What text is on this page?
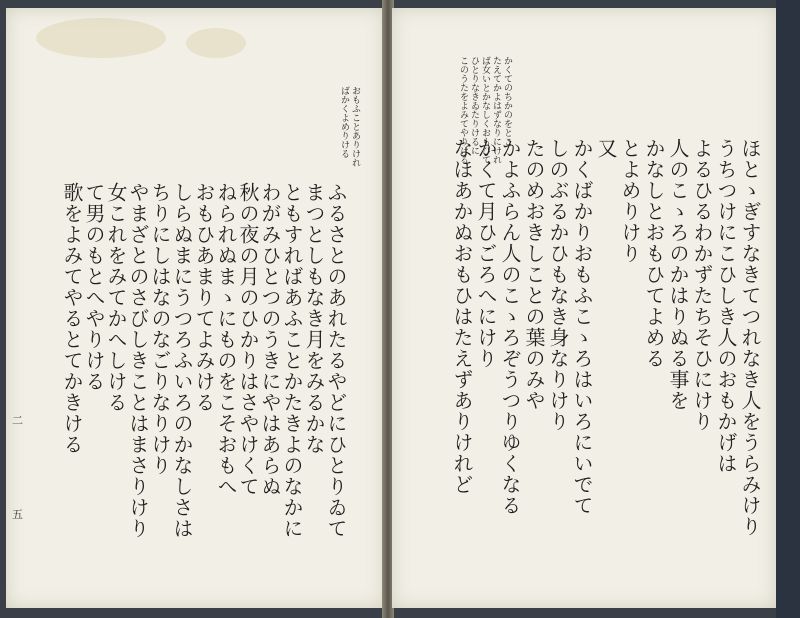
ふるさとのあれたるやどにひとりゐて
まつとしもなき月をみるかな
ともすればあふことかたきよのなかに
わがみひとつのうきにやはあらぬ
秋の夜の月のひかりはさやけくて
ねられぬまゝにものをこそおもへ
おもひあまりてよみける
しらぬまにうつろふいろのかなしさは
ちりにしはなのなごりなりけり
やまざとのさびしきことはまさりけり
女これをみてかへしける
て男のもとへやりける
歌をよみてやるとてかきける
おもふことありけれ
ばかくよめりける
二
五	ほとゝぎすなきてつれなき人をうらみけり
うちつけにこひしき人のおもかげは
よるひるわかずたちそひにけり
人のこゝろのかはりぬる事を
かなしとおもひてよめる
とよめりけり
又
かくばかりおもふこゝろはいろにいでて
しのぶるかひもなき身なりけり
たのめおきしことの葉のみや
かよふらん人のこゝろぞうつりゆくなる
かくて月ひごろへにけり
なほあかぬおもひはたえずありけれど
かくてのちかのをとこ
たえてかよはずなりにけれ
ば女いとかなしくおもひて
ひとりなきゐたりけるに
このうたをよみてやりける
